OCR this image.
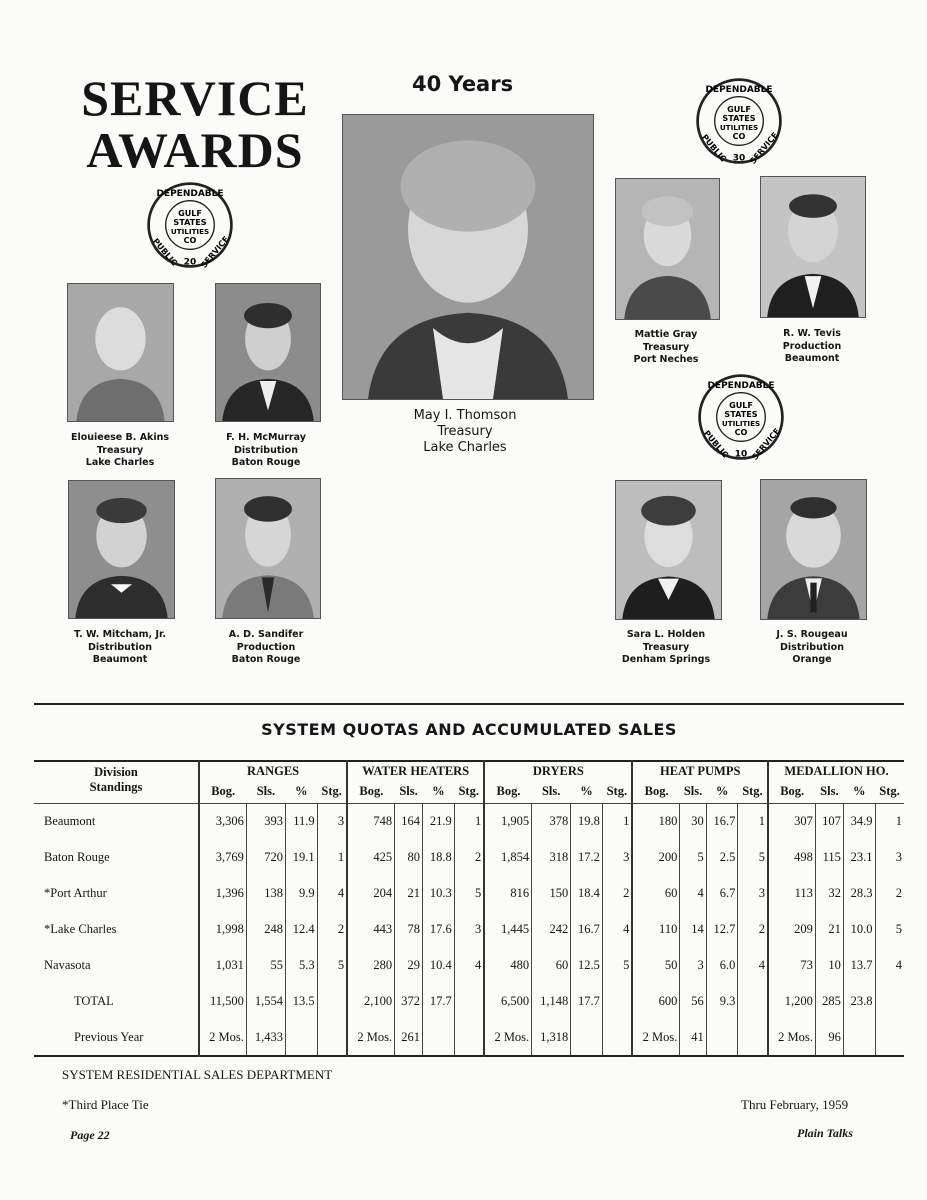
SERVICE
AWARDS
40 Years
DEPENDABLE
PUBLIC SERVICE
GULF
STATES
UTILITIES
CO
20
DEPENDABLE
PUBLIC SERVICE
GULF
STATES
UTILITIES
CO
30
DEPENDABLE
PUBLIC SERVICE
GULF
STATES
UTILITIES
CO
10
May I. Thomson
Treasury
Lake Charles
Elouieese B. Akins
Treasury
Lake Charles
F. H. McMurray
Distribution
Baton Rouge
T. W. Mitcham, Jr.
Distribution
Beaumont
A. D. Sandifer
Production
Baton Rouge
Mattie Gray
Treasury
Port Neches
R. W. Tevis
Production
Beaumont
Sara L. Holden
Treasury
Denham Springs
J. S. Rougeau
Distribution
Orange
SYSTEM QUOTAS AND ACCUMULATED SALES
Division	RANGES				WATER HEATERS				DRYERS				HEAT PUMPS				MEDALLION HO.			
Standings	Bog.	Sls.	%	Stg.	Bog.	Sls.	%	Stg.	Bog.	Sls.	%	Stg.	Bog.	Sls.	%	Stg.	Bog.	Sls.	%	Stg.
Beaumont	3,306	393	11.9	3	748	164	21.9	1	1,905	378	19.8	1	180	30	16.7	1	307	107	34.9	1
Baton Rouge	3,769	720	19.1	1	425	80	18.8	2	1,854	318	17.2	3	200	5	2.5	5	498	115	23.1	3
*Port Arthur	1,396	138	9.9	4	204	21	10.3	5	816	150	18.4	2	60	4	6.7	3	113	32	28.3	2
*Lake Charles	1,998	248	12.4	2	443	78	17.6	3	1,445	242	16.7	4	110	14	12.7	2	209	21	10.0	5
Navasota	1,031	55	5.3	5	280	29	10.4	4	480	60	12.5	5	50	3	6.0	4	73	10	13.7	4
TOTAL	11,500	1,554	13.5		2,100	372	17.7		6,500	1,148	17.7		600	56	9.3		1,200	285	23.8	
Previous Year	2 Mos.	1,433			2 Mos.	261			2 Mos.	1,318			2 Mos.	41			2 Mos.	96		
SYSTEM RESIDENTIAL SALES DEPARTMENT
*Third Place Tie	Thru February, 1959
Page 22	Plain Talks
